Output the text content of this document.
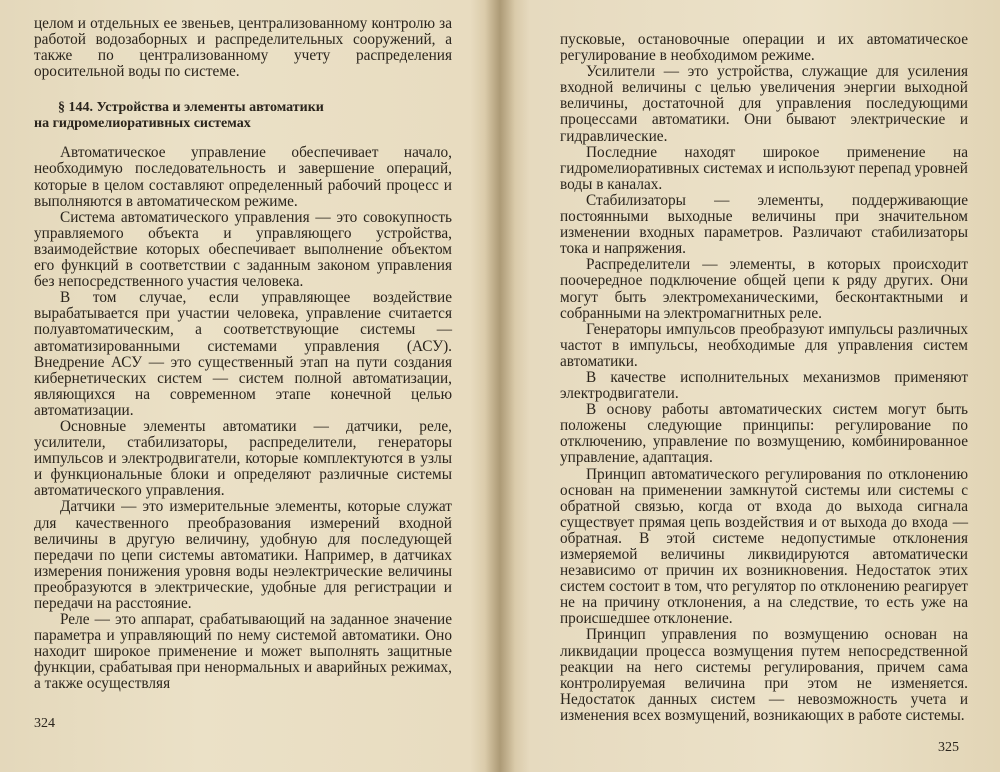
целом и отдельных ее звеньев, централизованному контролю за работой водозаборных и распределительных сооружений, а также по централизованному учету распределения оросительной воды по системе.

§ 144. Устройства и элементы автоматики
на гидромелиоративных системах

Автоматическое управление обеспечивает начало, необходимую последовательность и завершение операций, которые в целом составляют определенный рабочий процесс и выполняются в автоматическом режиме.

Система автоматического управления — это совокупность управляемого объекта и управляющего устройства, взаимодействие которых обеспечивает выполнение объектом его функций в соответствии с заданным законом управления без непосредственного участия человека.

В том случае, если управляющее воздействие вырабатывается при участии человека, управление считается полуавтоматическим, а соответствующие системы — автоматизированными системами управления (АСУ). Внедрение АСУ — это существенный этап на пути создания кибернетических систем — систем полной автоматизации, являющихся на современном этапе конечной целью автоматизации.

Основные элементы автоматики — датчики, реле, усилители, стабилизаторы, распределители, генераторы импульсов и электродвигатели, которые комплектуются в узлы и функциональные блоки и определяют различные системы автоматического управления.

Датчики — это измерительные элементы, которые служат для качественного преобразования измерений входной величины в другую величину, удобную для последующей передачи по цепи системы автоматики. Например, в датчиках измерения понижения уровня воды неэлектрические величины преобразуются в электрические, удобные для регистрации и передачи на расстояние.

Реле — это аппарат, срабатывающий на заданное значение параметра и управляющий по нему системой автоматики. Оно находит широкое применение и может выполнять защитные функции, срабатывая при ненормальных и аварийных режимах, а также осуществляя

324

пусковые, остановочные операции и их автоматическое регулирование в необходимом режиме.

Усилители — это устройства, служащие для усиления входной величины с целью увеличения энергии выходной величины, достаточной для управления последующими процессами автоматики. Они бывают электрические и гидравлические.

Последние находят широкое применение на гидромелиоративных системах и используют перепад уровней воды в каналах.

Стабилизаторы — элементы, поддерживающие постоянными выходные величины при значительном изменении входных параметров. Различают стабилизаторы тока и напряжения.

Распределители — элементы, в которых происходит поочередное подключение общей цепи к ряду других. Они могут быть электромеханическими, бесконтактными и собранными на электромагнитных реле.

Генераторы импульсов преобразуют импульсы различных частот в импульсы, необходимые для управления систем автоматики.

В качестве исполнительных механизмов применяют электродвигатели.

В основу работы автоматических систем могут быть положены следующие принципы: регулирование по отключению, управление по возмущению, комбинированное управление, адаптация.

Принцип автоматического регулирования по отклонению основан на применении замкнутой системы или системы с обратной связью, когда от входа до выхода сигнала существует прямая цепь воздействия и от выхода до входа — обратная. В этой системе недопустимые отклонения измеряемой величины ликвидируются автоматически независимо от причин их возникновения. Недостаток этих систем состоит в том, что регулятор по отклонению реагирует не на причину отклонения, а на следствие, то есть уже на происшедшее отклонение.

Принцип управления по возмущению основан на ликвидации процесса возмущения путем непосредственной реакции на него системы регулирования, причем сама контролируемая величина при этом не изменяется. Недостаток данных систем — невозможность учета и изменения всех возмущений, возникающих в работе системы.

325
